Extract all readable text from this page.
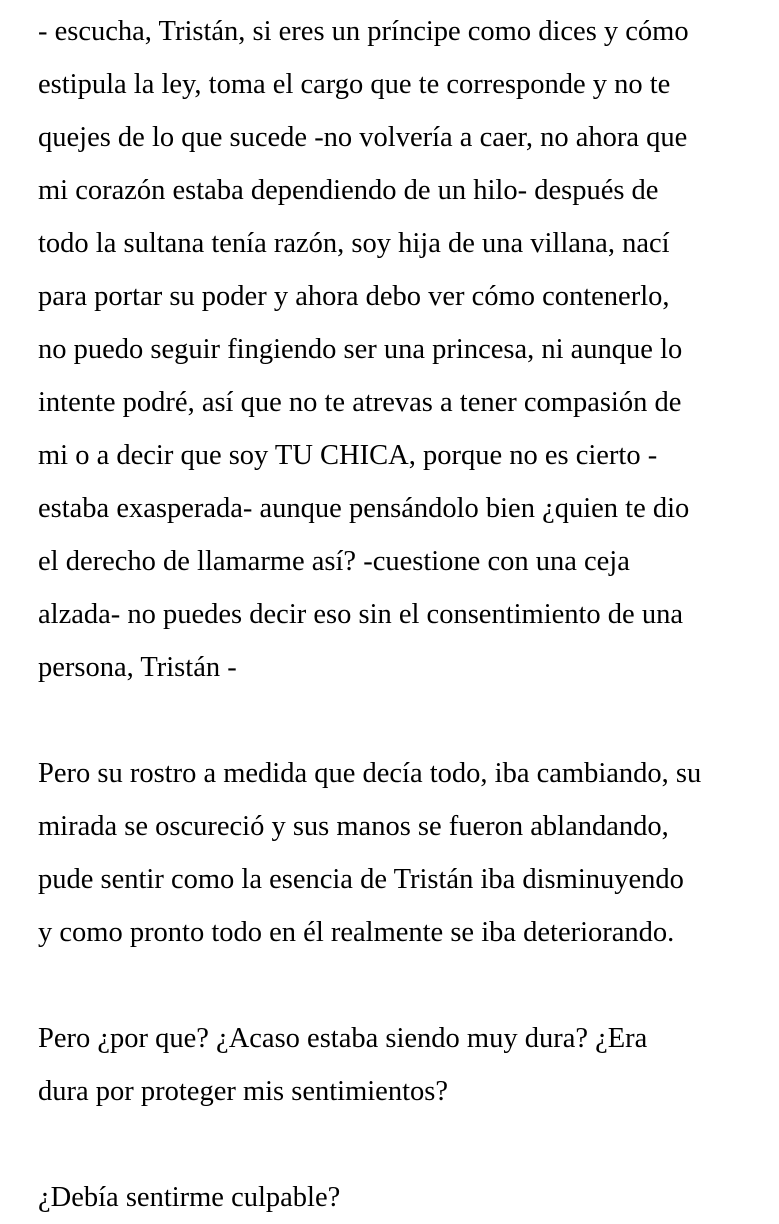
- escucha, Tristán, si eres un príncipe como dices y cómo
estipula la ley, toma el cargo que te corresponde y no te
quejes de lo que sucede -no volvería a caer, no ahora que
mi corazón estaba dependiendo de un hilo- después de
todo la sultana tenía razón, soy hija de una villana, nací
para portar su poder y ahora debo ver cómo contenerlo,
no puedo seguir fingiendo ser una princesa, ni aunque lo
intente podré, así que no te atrevas a tener compasión de
mi o a decir que soy TU CHICA, porque no es cierto -
estaba exasperada- aunque pensándolo bien ¿quien te dio
el derecho de llamarme así? -cuestione con una ceja
alzada- no puedes decir eso sin el consentimiento de una
persona, Tristán -
Pero su rostro a medida que decía todo, iba cambiando, su
mirada se oscureció y sus manos se fueron ablandando,
pude sentir como la esencia de Tristán iba disminuyendo
y como pronto todo en él realmente se iba deteriorando.
Pero ¿por que? ¿Acaso estaba siendo muy dura? ¿Era
dura por proteger mis sentimientos?
¿Debía sentirme culpable?
